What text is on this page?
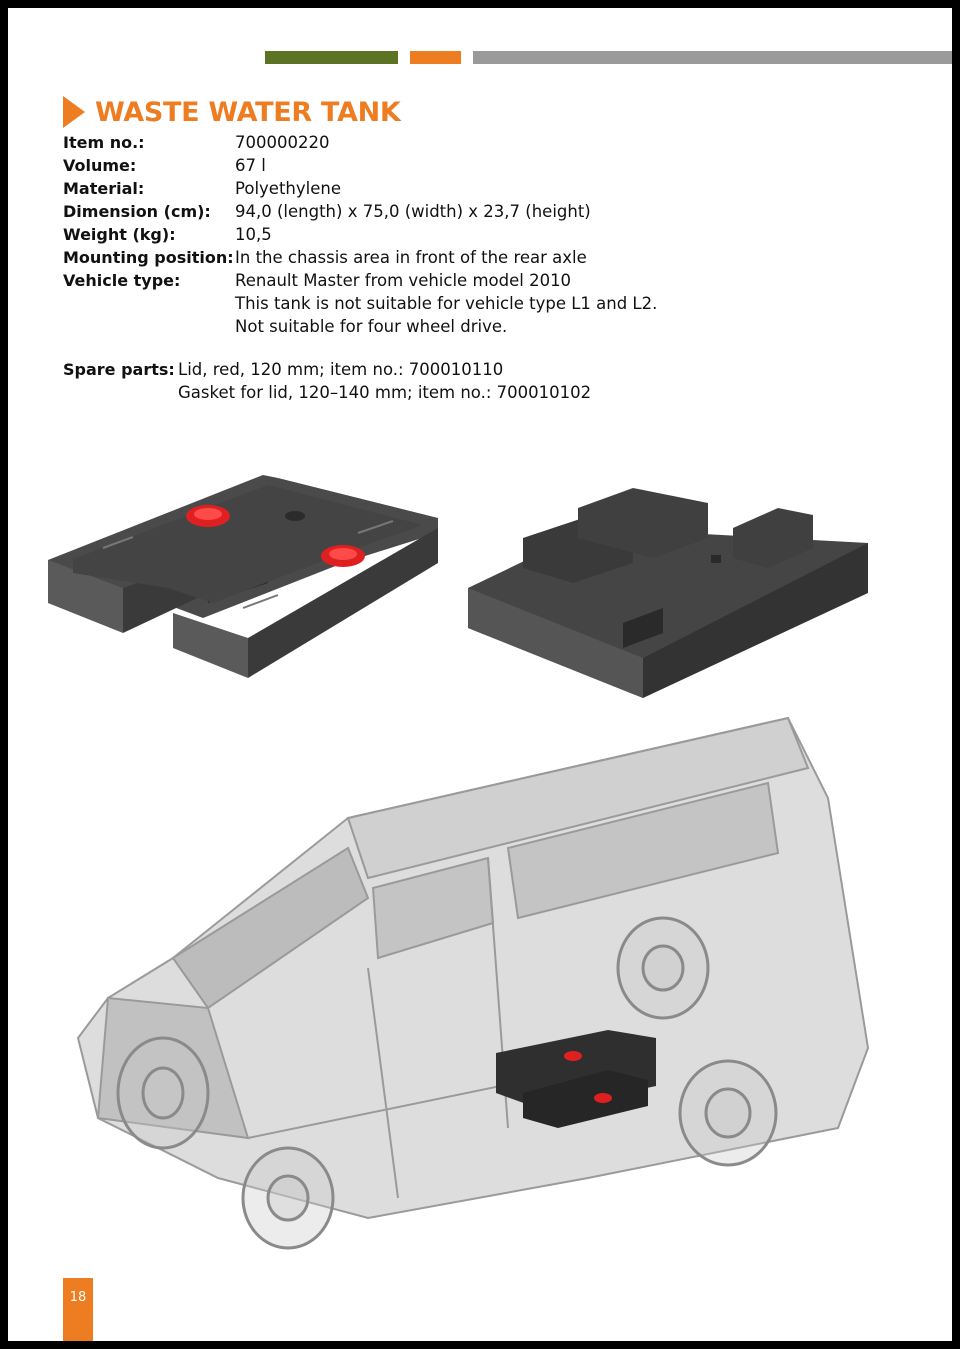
WASTE WATER TANK
Item no.:	700000220
Volume:	67 l
Material:	Polyethylene
Dimension (cm):	94,0 (length) x 75,0 (width) x 23,7 (height)
Weight (kg):	10,5
Mounting position: In the chassis area in front of the rear axle
Vehicle type:	Renault Master from vehicle model 2010
This tank is not suitable for vehicle type L1 and L2.
Not suitable for four wheel drive.
Spare parts: Lid, red, 120 mm; item no.: 700010110
Gasket for lid, 120–140 mm; item no.: 700010102
18
